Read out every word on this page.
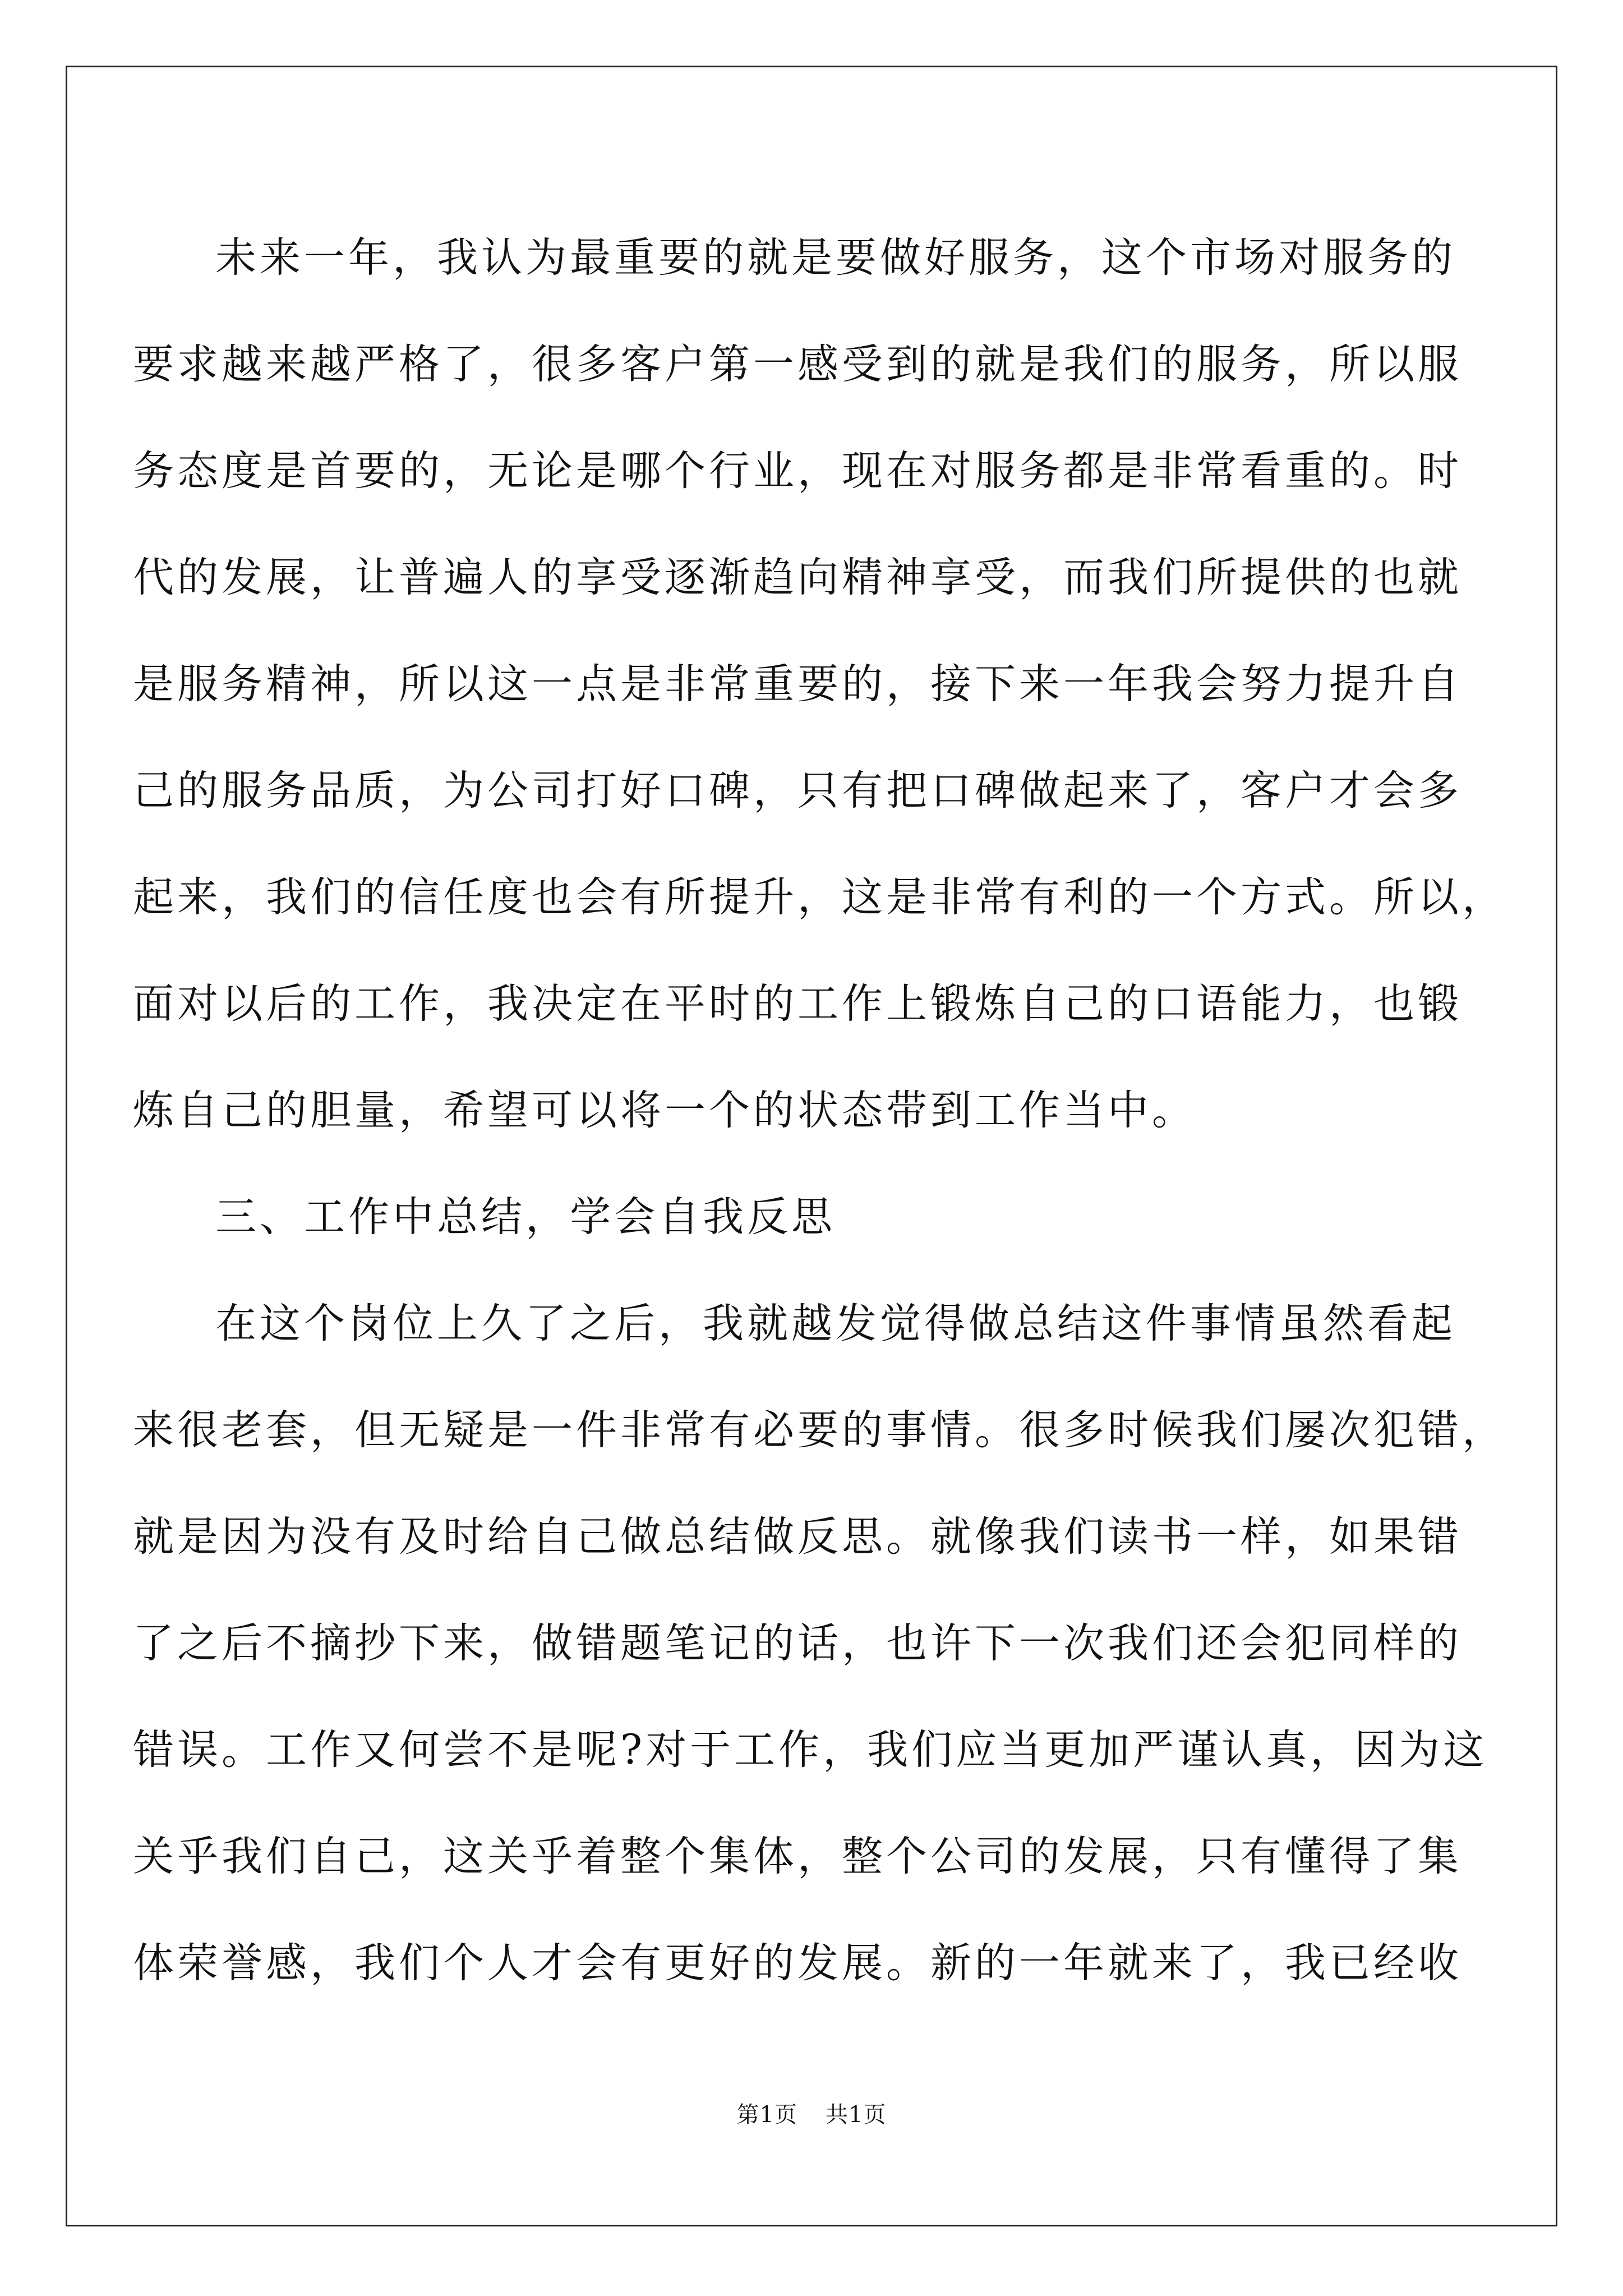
未来一年，我认为最重要的就是要做好服务，这个市场对服务的
要求越来越严格了，很多客户第一感受到的就是我们的服务，所以服
务态度是首要的，无论是哪个行业，现在对服务都是非常看重的。时
代的发展，让普遍人的享受逐渐趋向精神享受，而我们所提供的也就
是服务精神，所以这一点是非常重要的，接下来一年我会努力提升自
己的服务品质，为公司打好口碑，只有把口碑做起来了，客户才会多
起来，我们的信任度也会有所提升，这是非常有利的一个方式。所以，
面对以后的工作，我决定在平时的工作上锻炼自己的口语能力，也锻
炼自己的胆量，希望可以将一个的状态带到工作当中。
三、工作中总结，学会自我反思
在这个岗位上久了之后，我就越发觉得做总结这件事情虽然看起
来很老套，但无疑是一件非常有必要的事情。很多时候我们屡次犯错，
就是因为没有及时给自己做总结做反思。就像我们读书一样，如果错
了之后不摘抄下来，做错题笔记的话，也许下一次我们还会犯同样的
错误。工作又何尝不是呢?对于工作，我们应当更加严谨认真，因为这
关乎我们自己，这关乎着整个集体，整个公司的发展，只有懂得了集
体荣誉感，我们个人才会有更好的发展。新的一年就来了，我已经收
第1页 共1页
